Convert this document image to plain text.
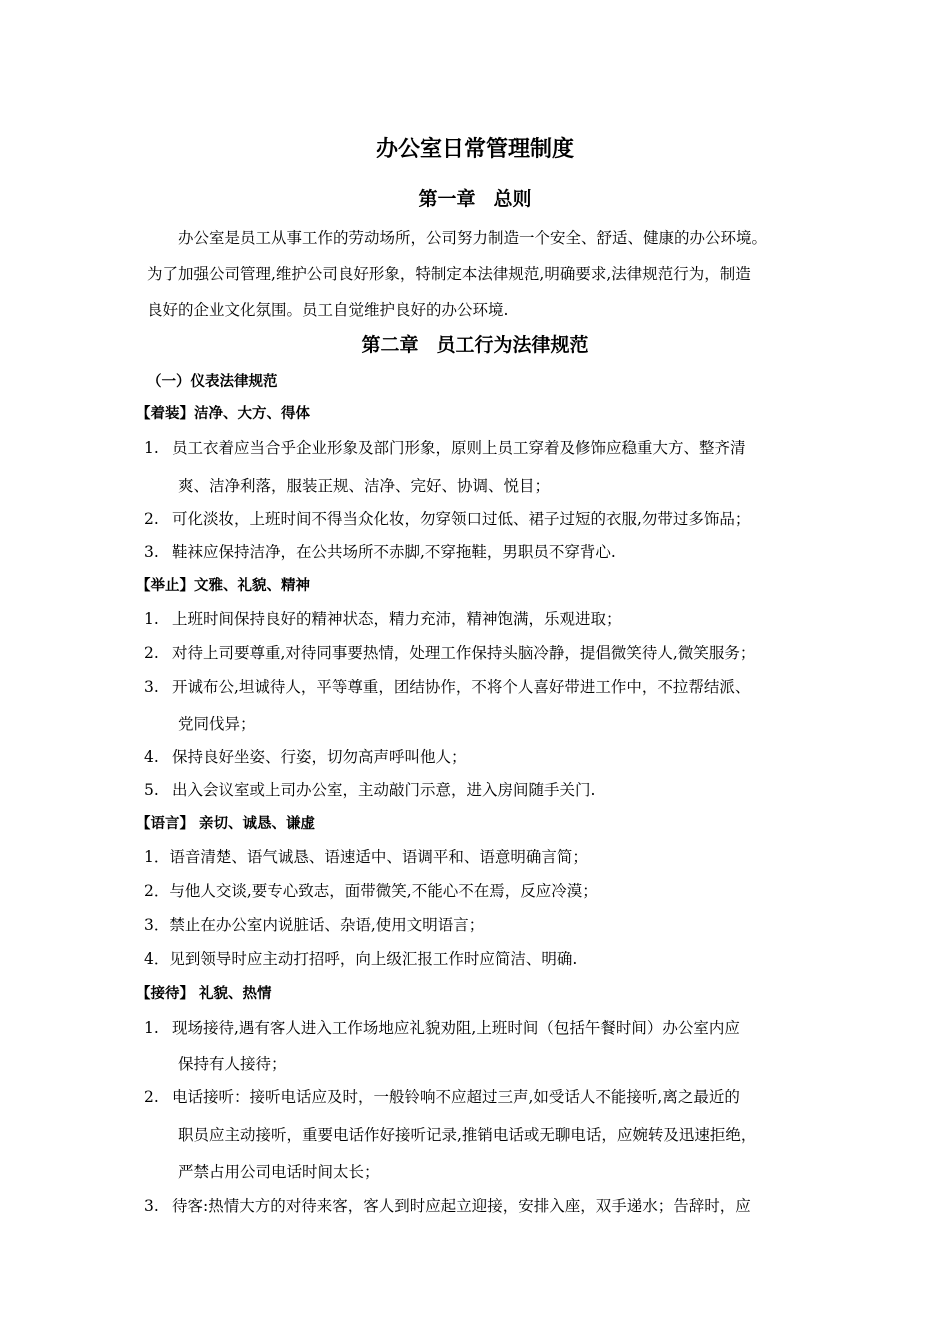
办公室日常管理制度
第一章 总则
办公室是员工从事工作的劳动场所，公司努力制造一个安全、舒适、健康的办公环境。
为了加强公司管理,维护公司良好形象，特制定本法律规范,明确要求,法律规范行为，制造
良好的企业文化氛围。员工自觉维护良好的办公环境.
第二章 员工行为法律规范
（一）仪表法律规范
【着装】洁净、大方、得体
1. 员工衣着应当合乎企业形象及部门形象，原则上员工穿着及修饰应稳重大方、整齐清
爽、洁净利落，服装正规、洁净、完好、协调、悦目；
2. 可化淡妆，上班时间不得当众化妆，勿穿领口过低、裙子过短的衣服,勿带过多饰品；
3. 鞋袜应保持洁净，在公共场所不赤脚,不穿拖鞋，男职员不穿背心.
【举止】文雅、礼貌、精神
1. 上班时间保持良好的精神状态，精力充沛，精神饱满，乐观进取；
2. 对待上司要尊重,对待同事要热情，处理工作保持头脑冷静，提倡微笑待人,微笑服务；
3. 开诚布公,坦诚待人，平等尊重，团结协作，不将个人喜好带进工作中，不拉帮结派、
党同伐异；
4. 保持良好坐姿、行姿，切勿高声呼叫他人；
5. 出入会议室或上司办公室，主动敲门示意，进入房间随手关门.
【语言】 亲切、诚恳、谦虚
1．语音清楚、语气诚恳、语速适中、语调平和、语意明确言简；
2．与他人交谈,要专心致志，面带微笑,不能心不在焉，反应冷漠；
3．禁止在办公室内说脏话、杂语,使用文明语言；
4．见到领导时应主动打招呼，向上级汇报工作时应简洁、明确.
【接待】 礼貌、热情
1. 现场接待,遇有客人进入工作场地应礼貌劝阻,上班时间（包括午餐时间）办公室内应
保持有人接待；
2. 电话接听：接听电话应及时，一般铃响不应超过三声,如受话人不能接听,离之最近的
职员应主动接听，重要电话作好接听记录,推销电话或无聊电话，应婉转及迅速拒绝，
严禁占用公司电话时间太长；
3. 待客:热情大方的对待来客，客人到时应起立迎接，安排入座，双手递水；告辞时，应
